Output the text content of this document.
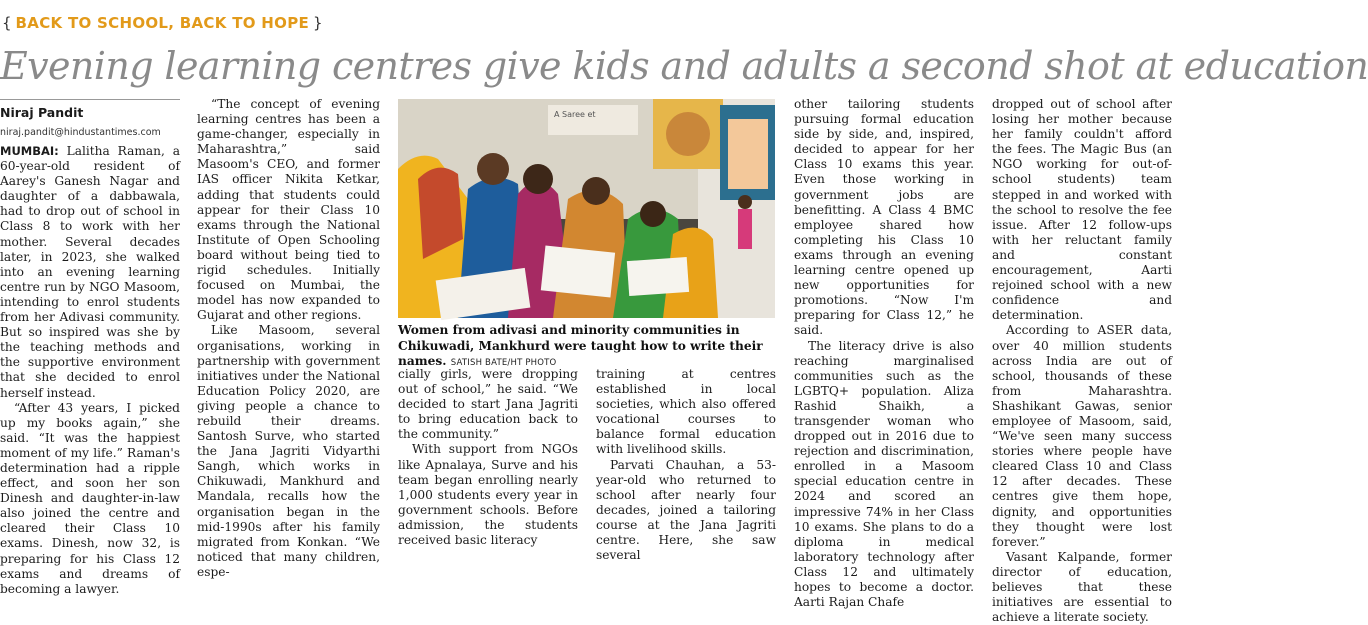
{ BACK TO SCHOOL, BACK TO HOPE }
Evening learning centres give kids and adults a second shot at education
Niraj Pandit
niraj.pandit@hindustantimes.com

MUMBAI: Lalitha Raman, a 60-year-old resident of Aarey's Ganesh Nagar and daughter of a dabbawala, had to drop out of school in Class 8 to work with her mother. Several decades later, in 2023, she walked into an evening learning centre run by NGO Masoom, intending to enrol students from her Adivasi community. But so inspired was she by the teaching methods and the supportive environment that she decided to enrol herself instead.

“After 43 years, I picked up my books again,” she said. “It was the happiest moment of my life.” Raman's determination had a ripple effect, and soon her son Dinesh and daughter-in-law also joined the centre and cleared their Class 10 exams. Dinesh, now 32, is preparing for his Class 12 exams and dreams of becoming a lawyer.

“The concept of evening learning centres has been a game-changer, especially in Maharashtra,” said Masoom's CEO, and former IAS officer Nikita Ketkar, adding that students could appear for their Class 10 exams through the National Institute of Open Schooling board without being tied to rigid schedules. Initially focused on Mumbai, the model has now expanded to Gujarat and other regions.

Like Masoom, several organisations, working in partnership with government initiatives under the National Education Policy 2020, are giving people a chance to rebuild their dreams. Santosh Surve, who started the Jana Jagriti Vidyarthi Sangh, which works in Chikuwadi, Mankhurd and Mandala, recalls how the organisation began in the mid-1990s after his family migrated from Konkan. “We noticed that many children, espe-

A Saree et
Women from adivasi and minority communities in Chikuwadi, Mankhurd were taught how to write their names. SATISH BATE/HT PHOTO

cially girls, were dropping out of school,” he said. “We decided to start Jana Jagriti to bring education back to the community.”

With support from NGOs like Apnalaya, Surve and his team began enrolling nearly 1,000 students every year in government schools. Before admission, the students received basic literacy

training at centres established in local societies, which also offered vocational courses to balance formal education with livelihood skills.

Parvati Chauhan, a 53-year-old who returned to school after nearly four decades, joined a tailoring course at the Jana Jagriti centre. Here, she saw several

other tailoring students pursuing formal education side by side, and, inspired, decided to appear for her Class 10 exams this year. Even those working in government jobs are benefitting. A Class 4 BMC employee shared how completing his Class 10 exams through an evening learning centre opened up new opportunities for promotions. “Now I'm preparing for Class 12,” he said.

The literacy drive is also reaching marginalised communities such as the LGBTQ+ population. Aliza Rashid Shaikh, a transgender woman who dropped out in 2016 due to rejection and discrimination, enrolled in a Masoom special education centre in 2024 and scored an impressive 74% in her Class 10 exams. She plans to do a diploma in medical laboratory technology after Class 12 and ultimately hopes to become a doctor. Aarti Rajan Chafe

dropped out of school after losing her mother because her family couldn't afford the fees. The Magic Bus (an NGO working for out-of-school students) team stepped in and worked with the school to resolve the fee issue. After 12 follow-ups with her reluctant family and constant encouragement, Aarti rejoined school with a new confidence and determination.

According to ASER data, over 40 million students across India are out of school, thousands of these from Maharashtra. Shashikant Gawas, senior employee of Masoom, said, “We've seen many success stories where people have cleared Class 10 and Class 12 after decades. These centres give them hope, dignity, and opportunities they thought were lost forever.”

Vasant Kalpande, former director of education, believes that these initiatives are essential to achieve a literate society.
